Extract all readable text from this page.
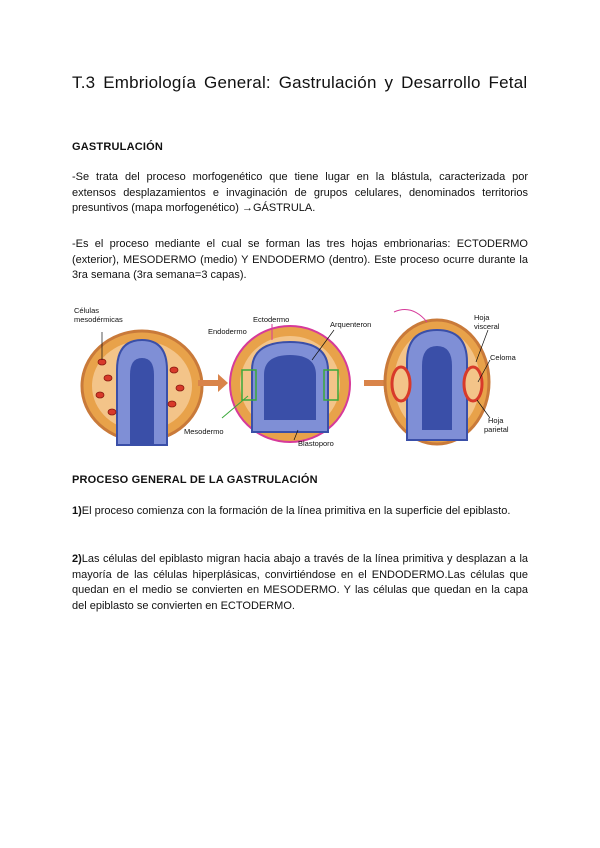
T.3 Embriología General: Gastrulación y Desarrollo Fetal
GASTRULACIÓN
-Se trata del proceso morfogenético que tiene lugar en la blástula, caracterizada por extensos desplazamientos e invaginación de grupos celulares, denominados territorios presuntivos (mapa morfogenético) →GÁSTRULA.
-Es el proceso mediante el cual se forman las tres hojas embrionarias: ECTODERMO (exterior), MESODERMO (medio) Y ENDODERMO (dentro). Este proceso ocurre durante la 3ra semana (3ra semana=3 capas).
Células
mesodérmicas	Ectodermo
Endodermo
Arquenteron
Mesodermo
Blastoporo
Hoja
visceral
Celoma
Hoja
parietal
PROCESO GENERAL DE LA GASTRULACIÓN
1)El proceso comienza con la formación de la línea primitiva en la superficie del epiblasto.
2)Las células del epiblasto migran hacia abajo a través de la línea primitiva y desplazan a la mayoría de las células hiperplásicas, convirtiéndose en el ENDODERMO.Las células que quedan en el medio se convierten en MESODERMO. Y las células que quedan en la capa del epiblasto se convierten en ECTODERMO.
